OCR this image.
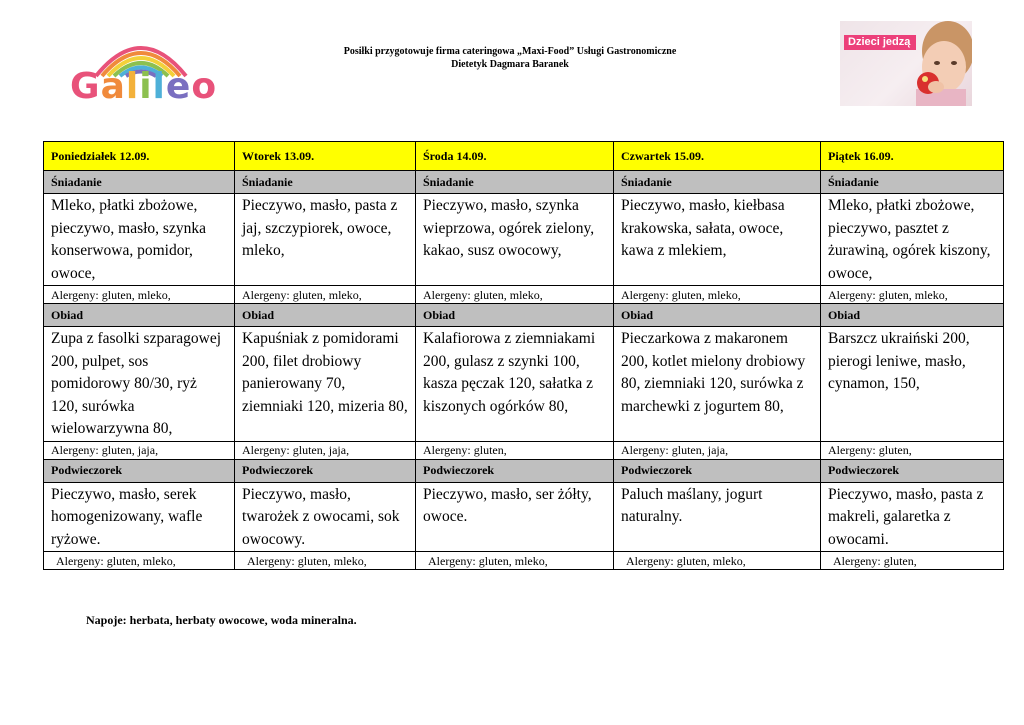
Galileo
Posiłki przygotowuje firma cateringowa „Maxi-Food” Usługi Gastronomiczne
Dietetyk Dagmara Baranek
Dzieci jedzą
Poniedziałek 12.09.	Wtorek 13.09.	Środa 14.09.	Czwartek 15.09.	Piątek 16.09.
Śniadanie	Śniadanie	Śniadanie	Śniadanie	Śniadanie
Mleko, płatki zbożowe, pieczywo, masło, szynka konserwowa, pomidor, owoce,	Pieczywo, masło, pasta z jaj, szczypiorek, owoce, mleko,	Pieczywo, masło, szynka wieprzowa, ogórek zielony, kakao, susz owocowy,	Pieczywo, masło, kiełbasa krakowska, sałata, owoce, kawa z mlekiem,	Mleko, płatki zbożowe, pieczywo, pasztet z żurawiną, ogórek kiszony, owoce,
Alergeny: gluten, mleko,	Alergeny: gluten, mleko,	Alergeny: gluten, mleko,	Alergeny: gluten, mleko,	Alergeny: gluten, mleko,
Obiad	Obiad	Obiad	Obiad	Obiad
Zupa z fasolki szparagowej 200, pulpet, sos pomidorowy 80/30, ryż 120, surówka wielowarzywna 80,	Kapuśniak z pomidorami 200, filet drobiowy panierowany 70, ziemniaki 120, mizeria 80,	Kalafiorowa z ziemniakami 200, gulasz z szynki 100, kasza pęczak 120, sałatka z kiszonych ogórków 80,	Pieczarkowa z makaronem 200, kotlet mielony drobiowy 80, ziemniaki 120, surówka z marchewki z jogurtem 80,	Barszcz ukraiński 200, pierogi leniwe, masło, cynamon, 150,
Alergeny: gluten, jaja,	Alergeny: gluten, jaja,	Alergeny: gluten,	Alergeny: gluten, jaja,	Alergeny: gluten,
Podwieczorek	Podwieczorek	Podwieczorek	Podwieczorek	Podwieczorek
Pieczywo, masło, serek homogenizowany, wafle ryżowe.	Pieczywo, masło, twarożek z owocami, sok owocowy.	Pieczywo, masło, ser żółty, owoce.	Paluch maślany, jogurt naturalny.	Pieczywo, masło, pasta z makreli, galaretka z owocami.
Alergeny: gluten, mleko,	Alergeny: gluten, mleko,	Alergeny: gluten, mleko,	Alergeny: gluten, mleko,	Alergeny: gluten,
Napoje: herbata, herbaty owocowe, woda mineralna.
